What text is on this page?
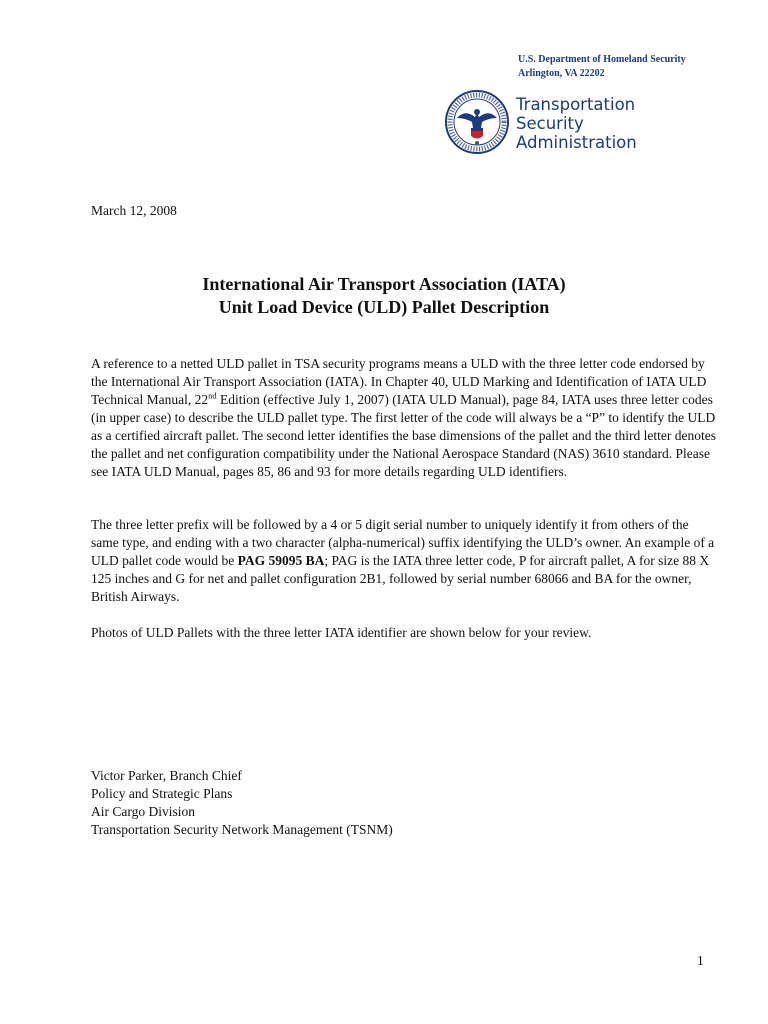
U.S. Department of Homeland Security
Arlington, VA 22202
Transportation
Security
Administration
March 12, 2008
International Air Transport Association (IATA)
Unit Load Device (ULD) Pallet Description

A reference to a netted ULD pallet in TSA security programs means a ULD with the three letter code endorsed by the International Air Transport Association (IATA). In Chapter 40, ULD Marking and Identification of IATA ULD Technical Manual, 22nd Edition (effective July 1, 2007) (IATA ULD Manual), page 84, IATA uses three letter codes (in upper case) to describe the ULD pallet type. The first letter of the code will always be a “P” to identify the ULD as a certified aircraft pallet. The second letter identifies the base dimensions of the pallet and the third letter denotes the pallet and net configuration compatibility under the National Aerospace Standard (NAS) 3610 standard. Please see IATA ULD Manual, pages 85, 86 and 93 for more details regarding ULD identifiers.

The three letter prefix will be followed by a 4 or 5 digit serial number to uniquely identify it from others of the same type, and ending with a two character (alpha-numerical) suffix identifying the ULD’s owner. An example of a ULD pallet code would be PAG 59095 BA; PAG is the IATA three letter code, P for aircraft pallet, A for size 88 X 125 inches and G for net and pallet configuration 2B1, followed by serial number 68066 and BA for the owner, British Airways.

Photos of ULD Pallets with the three letter IATA identifier are shown below for your review.

Victor Parker, Branch Chief
Policy and Strategic Plans
Air Cargo Division
Transportation Security Network Management (TSNM)
1
